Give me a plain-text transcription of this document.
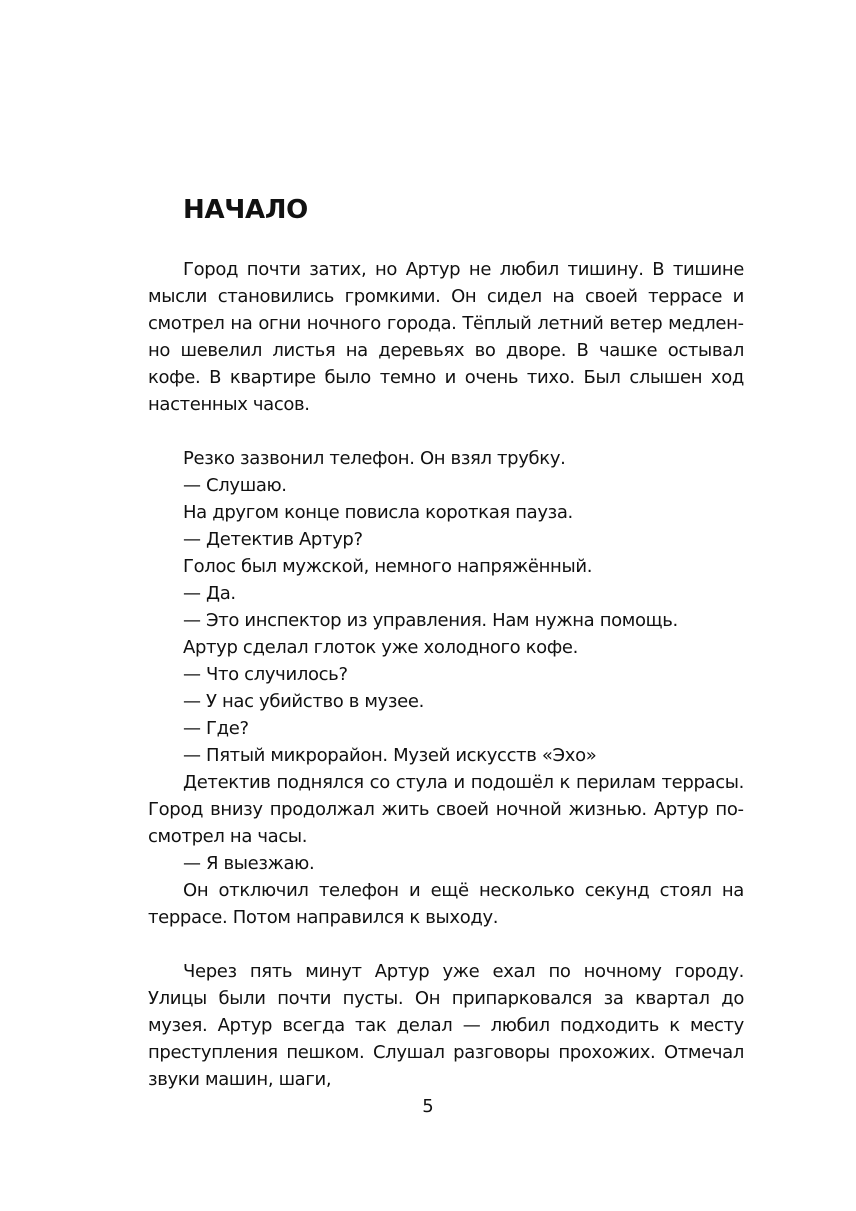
НАЧАЛО

Город почти затих, но Артур не любил тишину. В тишине мысли становились громкими. Он сидел на своей террасе и смотрел на огни ночного города. Тёплый летний ветер медленно шевелил листья на деревьях во дворе. В чашке остывал кофе. В квартире было темно и очень тихо. Был слышен ход настенных часов.

Резко зазвонил телефон. Он взял трубку.

— Слушаю.

На другом конце повисла короткая пауза.

— Детектив Артур?

Голос был мужской, немного напряжённый.

— Да.

— Это инспектор из управления. Нам нужна помощь.

Артур сделал глоток уже холодного кофе.

— Что случилось?

— У нас убийство в музее.

— Где?

— Пятый микрорайон. Музей искусств «Эхо»

Детектив поднялся со стула и подошёл к перилам террасы. Город внизу продолжал жить своей ночной жизнью. Артур посмотрел на часы.

— Я выезжаю.

Он отключил телефон и ещё несколько секунд стоял на террасе. Потом направился к выходу.

Через пять минут Артур уже ехал по ночному городу. Улицы были почти пусты. Он припарковался за квартал до музея. Артур всегда так делал — любил подходить к месту преступления пешком. Слушал разговоры прохожих. Отмечал звуки машин, шаги,

5
